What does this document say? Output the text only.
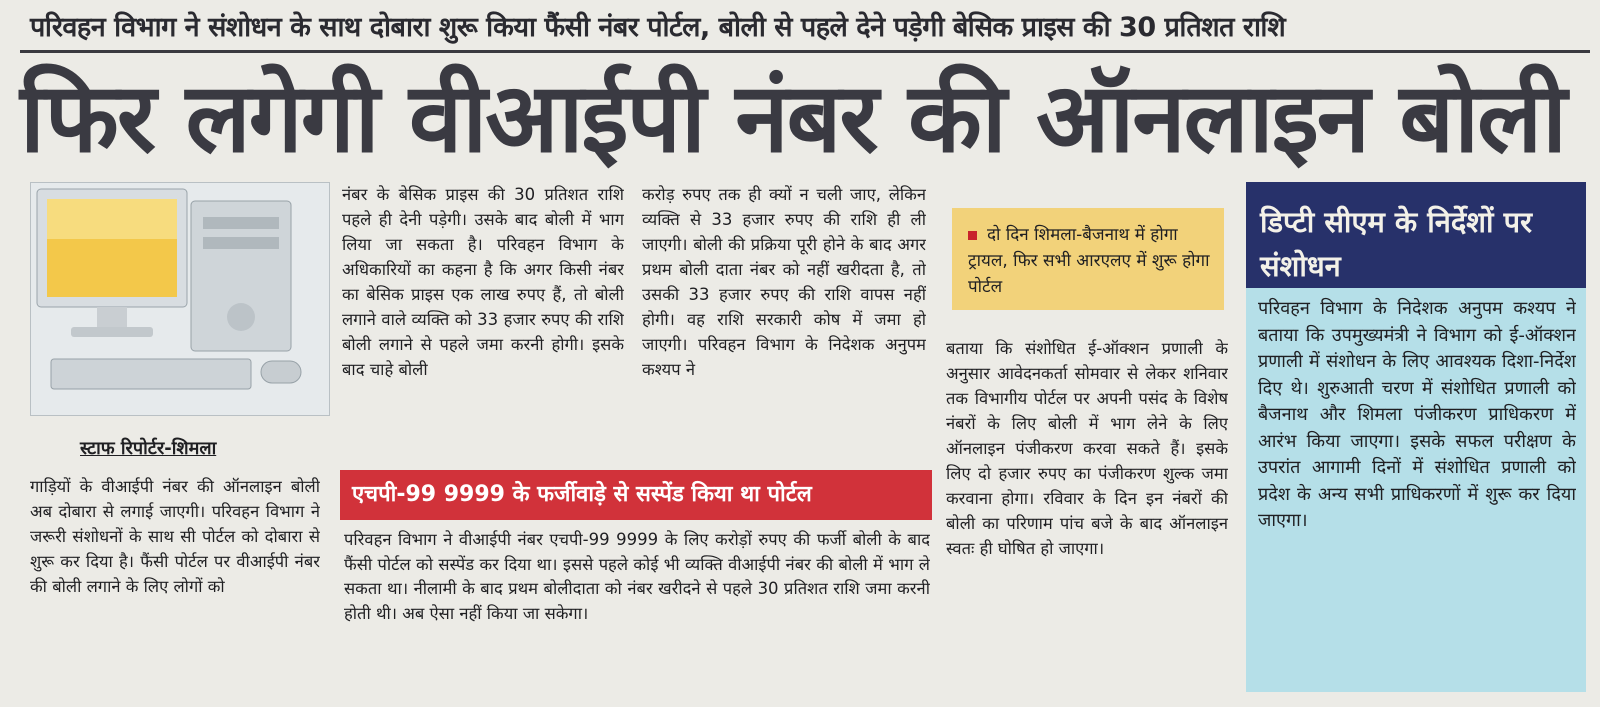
परिवहन विभाग ने संशोधन के साथ दोबारा शुरू किया फैंसी नंबर पोर्टल, बोली से पहले देने पड़ेगी बेसिक प्राइस की 30 प्रतिशत राशि
फिर लगेगी वीआईपी नंबर की ऑनलाइन बोली
स्टाफ रिपोर्टर-शिमला
गाड़ियों के वीआईपी नंबर की ऑनलाइन बोली अब दोबारा से लगाई जाएगी। परिवहन विभाग ने जरूरी संशोधनों के साथ सी पोर्टल को दोबारा से शुरू कर दिया है। फैंसी पोर्टल पर वीआईपी नंबर की बोली लगाने के लिए लोगों को
नंबर के बेसिक प्राइस की 30 प्रतिशत राशि पहले ही देनी पड़ेगी। उसके बाद बोली में भाग लिया जा सकता है। परिवहन विभाग के अधिकारियों का कहना है कि अगर किसी नंबर का बेसिक प्राइस एक लाख रुपए हैं, तो बोली लगाने वाले व्यक्ति को 33 हजार रुपए की राशि बोली लगाने से पहले जमा करनी होगी। इसके बाद चाहे बोली
करोड़ रुपए तक ही क्यों न चली जाए, लेकिन व्यक्ति से 33 हजार रुपए की राशि ही ली जाएगी। बोली की प्रक्रिया पूरी होने के बाद अगर प्रथम बोली दाता नंबर को नहीं खरीदता है, तो उसकी 33 हजार रुपए की राशि वापस नहीं होगी। वह राशि सरकारी कोष में जमा हो जाएगी। परिवहन विभाग के निदेशक अनुपम कश्यप ने
दो दिन शिमला-बैजनाथ में होगा ट्रायल, फिर सभी आरएलए में शुरू होगा पोर्टल
बताया कि संशोधित ई-ऑक्शन प्रणाली के अनुसार आवेदनकर्ता सोमवार से लेकर शनिवार तक विभागीय पोर्टल पर अपनी पसंद के विशेष नंबरों के लिए बोली में भाग लेने के लिए ऑनलाइन पंजीकरण करवा सकते हैं। इसके लिए दो हजार रुपए का पंजीकरण शुल्क जमा करवाना होगा। रविवार के दिन इन नंबरों की बोली का परिणाम पांच बजे के बाद ऑनलाइन स्वतः ही घोषित हो जाएगा।
एचपी-99 9999 के फर्जीवाड़े से सस्पेंड किया था पोर्टल
परिवहन विभाग ने वीआईपी नंबर एचपी-99 9999 के लिए करोड़ों रुपए की फर्जी बोली के बाद फैंसी पोर्टल को सस्पेंड कर दिया था। इससे पहले कोई भी व्यक्ति वीआईपी नंबर की बोली में भाग ले सकता था। नीलामी के बाद प्रथम बोलीदाता को नंबर खरीदने से पहले 30 प्रतिशत राशि जमा करनी होती थी। अब ऐसा नहीं किया जा सकेगा।
डिप्टी सीएम के निर्देशों पर संशोधन
परिवहन विभाग के निदेशक अनुपम कश्यप ने बताया कि उपमुख्यमंत्री ने विभाग को ई-ऑक्शन प्रणाली में संशोधन के लिए आवश्यक दिशा-निर्देश दिए थे। शुरुआती चरण में संशोधित प्रणाली को बैजनाथ और शिमला पंजीकरण प्राधिकरण में आरंभ किया जाएगा। इसके सफल परीक्षण के उपरांत आगामी दिनों में संशोधित प्रणाली को प्रदेश के अन्य सभी प्राधिकरणों में शुरू कर दिया जाएगा।
